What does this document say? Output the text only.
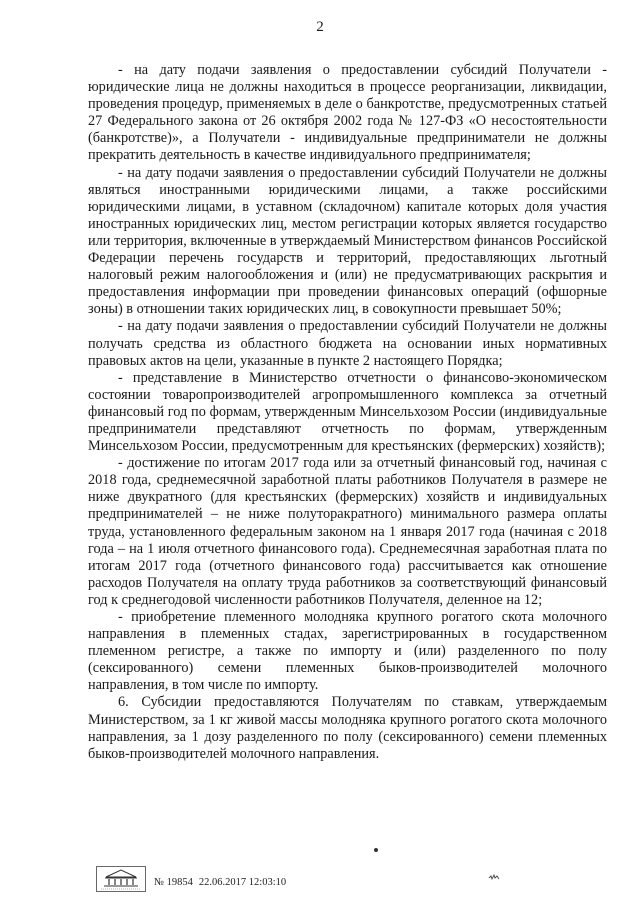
2

- на дату подачи заявления о предоставлении субсидий Получатели - юридические лица не должны находиться в процессе реорганизации, ликвидации, проведения процедур, применяемых в деле о банкротстве, предусмотренных статьей 27 Федерального закона от 26 октября 2002 года № 127-ФЗ «О несостоятельности (банкротстве)», а Получатели - индивидуальные предприниматели не должны прекратить деятельность в качестве индивидуального предпринимателя;

- на дату подачи заявления о предоставлении субсидий Получатели не должны являться иностранными юридическими лицами, а также российскими юридическими лицами, в уставном (складочном) капитале которых доля участия иностранных юридических лиц, местом регистрации которых является государство или территория, включенные в утверждаемый Министерством финансов Российской Федерации перечень государств и территорий, предоставляющих льготный налоговый режим налогообложения и (или) не предусматривающих раскрытия и предоставления информации при проведении финансовых операций (офшорные зоны) в отношении таких юридических лиц, в совокупности превышает 50%;

- на дату подачи заявления о предоставлении субсидий Получатели не должны получать средства из областного бюджета на основании иных нормативных правовых актов на цели, указанные в пункте 2 настоящего Порядка;

- представление в Министерство отчетности о финансово-экономическом состоянии товаропроизводителей агропромышленного комплекса за отчетный финансовый год по формам, утвержденным Минсельхозом России (индивидуальные предприниматели представляют отчетность по формам, утвержденным Минсельхозом России, предусмотренным для крестьянских (фермерских) хозяйств);

- достижение по итогам 2017 года или за отчетный финансовый год, начиная с 2018 года, среднемесячной заработной платы работников Получателя в размере не ниже двукратного (для крестьянских (фермерских) хозяйств и индивидуальных предпринимателей – не ниже полуторакратного) минимального размера оплаты труда, установленного федеральным законом на 1 января 2017 года (начиная с 2018 года – на 1 июля отчетного финансового года). Среднемесячная заработная плата по итогам 2017 года (отчетного финансового года) рассчитывается как отношение расходов Получателя на оплату труда работников за соответствующий финансовый год к среднегодовой численности работников Получателя, деленное на 12;

- приобретение племенного молодняка крупного рогатого скота молочного направления в племенных стадах, зарегистрированных в государственном племенном регистре, а также по импорту и (или) разделенного по полу (сексированного) семени племенных быков-производителей молочного направления, в том числе по импорту.

6. Субсидии предоставляются Получателям по ставкам, утверждаемым Министерством, за 1 кг живой массы молодняка крупного рогатого скота молочного направления, за 1 дозу разделенного по полу (сексированного) семени племенных быков-производителей молочного направления.

№ 19854 22.06.2017 12:03:10
